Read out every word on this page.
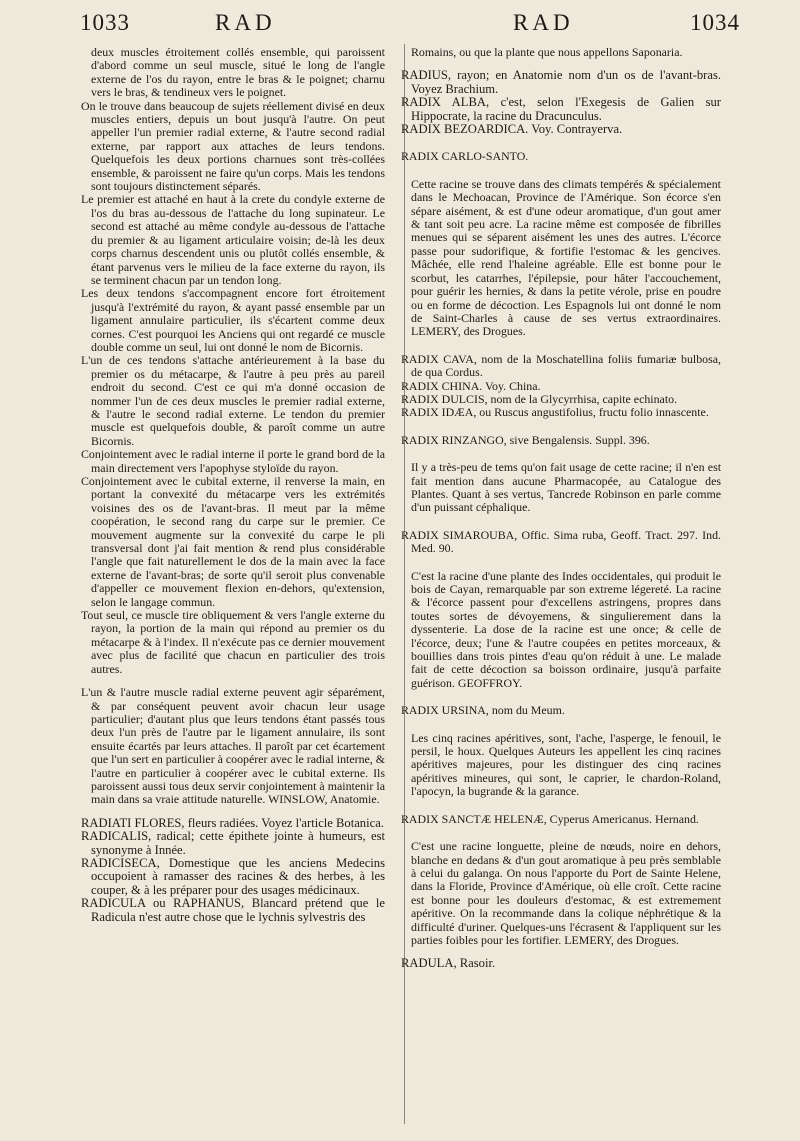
1033	RAD	RAD	1034

deux muscles étroitement collés ensemble, qui paroissent d'abord comme un seul muscle, situé le long de l'angle externe de l'os du rayon, entre le bras & le poignet; charnu vers le bras, & tendineux vers le poignet.

On le trouve dans beaucoup de sujets réellement divisé en deux muscles entiers, depuis un bout jusqu'à l'autre. On peut appeller l'un premier radial externe, & l'autre second radial externe, par rapport aux attaches de leurs tendons. Quelquefois les deux portions charnues sont très-collées ensemble, & paroissent ne faire qu'un corps. Mais les tendons sont toujours distinctement séparés.

Le premier est attaché en haut à la crete du condyle externe de l'os du bras au-dessous de l'attache du long supinateur. Le second est attaché au même condyle au-dessous de l'attache du premier & au ligament articulaire voisin; de-là les deux corps charnus descendent unis ou plutôt collés ensemble, & étant parvenus vers le milieu de la face externe du rayon, ils se terminent chacun par un tendon long.

Les deux tendons s'accompagnent encore fort étroitement jusqu'à l'extrémité du rayon, & ayant passé ensemble par un ligament annulaire particulier, ils s'écartent comme deux cornes. C'est pourquoi les Anciens qui ont regardé ce muscle double comme un seul, lui ont donné le nom de Bicornis.

L'un de ces tendons s'attache antérieurement à la base du premier os du métacarpe, & l'autre à peu près au pareil endroit du second. C'est ce qui m'a donné occasion de nommer l'un de ces deux muscles le premier radial externe, & l'autre le second radial externe. Le tendon du premier muscle est quelquefois double, & paroît comme un autre Bicornis.

Conjointement avec le radial interne il porte le grand bord de la main directement vers l'apophyse styloïde du rayon.

Conjointement avec le cubital externe, il renverse la main, en portant la convexité du métacarpe vers les extrémités voisines des os de l'avant-bras. Il meut par la même coopération, le second rang du carpe sur le premier. Ce mouvement augmente sur la convexité du carpe le pli transversal dont j'ai fait mention & rend plus considérable l'angle que fait naturellement le dos de la main avec la face externe de l'avant-bras; de sorte qu'il seroit plus convenable d'appeller ce mouvement flexion en-dehors, qu'extension, selon le langage commun.

Tout seul, ce muscle tire obliquement & vers l'angle externe du rayon, la portion de la main qui répond au premier os du métacarpe & à l'index. Il n'exécute pas ce dernier mouvement avec plus de facilité que chacun en particulier des trois autres.

L'un & l'autre muscle radial externe peuvent agir séparément, & par conséquent peuvent avoir chacun leur usage particulier; d'autant plus que leurs tendons étant passés tous deux l'un près de l'autre par le ligament annulaire, ils sont ensuite écartés par leurs attaches. Il paroît par cet écartement que l'un sert en particulier à coopérer avec le radial interne, & l'autre en particulier à coopérer avec le cubital externe. Ils paroissent aussi tous deux servir conjointement à maintenir la main dans sa vraie attitude naturelle. WINSLOW, Anatomie.

RADIATI FLORES, fleurs radiées. Voyez l'article Botanica.

RADICALIS, radical; cette épithete jointe à humeurs, est synonyme à Innée.

RADICISECA, Domestique que les anciens Medecins occupoient à ramasser des racines & des herbes, à les couper, & à les préparer pour des usages médicinaux.

RADICULA ou RAPHANUS, Blancard prétend que le Radicula n'est autre chose que le lychnis sylvestris des

Romains, ou que la plante que nous appellons Saponaria.

RADIUS, rayon; en Anatomie nom d'un os de l'avant-bras. Voyez Brachium.

RADIX ALBA, c'est, selon l'Exegesis de Galien sur Hippocrate, la racine du Dracunculus.

RADIX BEZOARDICA. Voy. Contrayerva.

RADIX CARLO-SANTO.

Cette racine se trouve dans des climats tempérés & spécialement dans le Mechoacan, Province de l'Amérique. Son écorce s'en sépare aisément, & est d'une odeur aromatique, d'un gout amer & tant soit peu acre. La racine même est composée de fibrilles menues qui se séparent aisément les unes des autres. L'écorce passe pour sudorifique, & fortifie l'estomac & les gencives. Mâchée, elle rend l'haleine agréable. Elle est bonne pour le scorbut, les catarrhes, l'épilepsie, pour hâter l'accouchement, pour guérir les hernies, & dans la petite vérole, prise en poudre ou en forme de décoction. Les Espagnols lui ont donné le nom de Saint-Charles à cause de ses vertus extraordinaires. LEMERY, des Drogues.

RADIX CAVA, nom de la Moschatellina foliis fumariæ bulbosa, de qua Cordus.

RADIX CHINA. Voy. China.

RADIX DULCIS, nom de la Glycyrrhisa, capite echinato.

RADIX IDÆA, ou Ruscus angustifolius, fructu folio innascente.

RADIX RINZANGO, sive Bengalensis. Suppl. 396.

Il y a très-peu de tems qu'on fait usage de cette racine; il n'en est fait mention dans aucune Pharmacopée, au Catalogue des Plantes. Quant à ses vertus, Tancrede Robinson en parle comme d'un puissant céphalique.

RADIX SIMAROUBA, Offic. Sima ruba, Geoff. Tract. 297. Ind. Med. 90.

C'est la racine d'une plante des Indes occidentales, qui produit le bois de Cayan, remarquable par son extreme légereté. La racine & l'écorce passent pour d'excellens astringens, propres dans toutes sortes de dévoyemens, & singulierement dans la dyssenterie. La dose de la racine est une once; & celle de l'écorce, deux; l'une & l'autre coupées en petites morceaux, & bouillies dans trois pintes d'eau qu'on réduit à une. Le malade fait de cette décoction sa boisson ordinaire, jusqu'à parfaite guérison. GEOFFROY.

RADIX URSINA, nom du Meum.

Les cinq racines apéritives, sont, l'ache, l'asperge, le fenouil, le persil, le houx. Quelques Auteurs les appellent les cinq racines apéritives majeures, pour les distinguer des cinq racines apéritives mineures, qui sont, le caprier, le chardon-Roland, l'apocyn, la bugrande & la garance.

RADIX SANCTÆ HELENÆ, Cyperus Americanus. Hernand.

C'est une racine longuette, pleine de nœuds, noire en dehors, blanche en dedans & d'un gout aromatique à peu près semblable à celui du galanga. On nous l'apporte du Port de Sainte Helene, dans la Floride, Province d'Amérique, où elle croît. Cette racine est bonne pour les douleurs d'estomac, & est extremement apéritive. On la recommande dans la colique néphrétique & la difficulté d'uriner. Quelques-uns l'écrasent & l'appliquent sur les parties foibles pour les fortifier. LEMERY, des Drogues.

RADULA, Rasoir.
